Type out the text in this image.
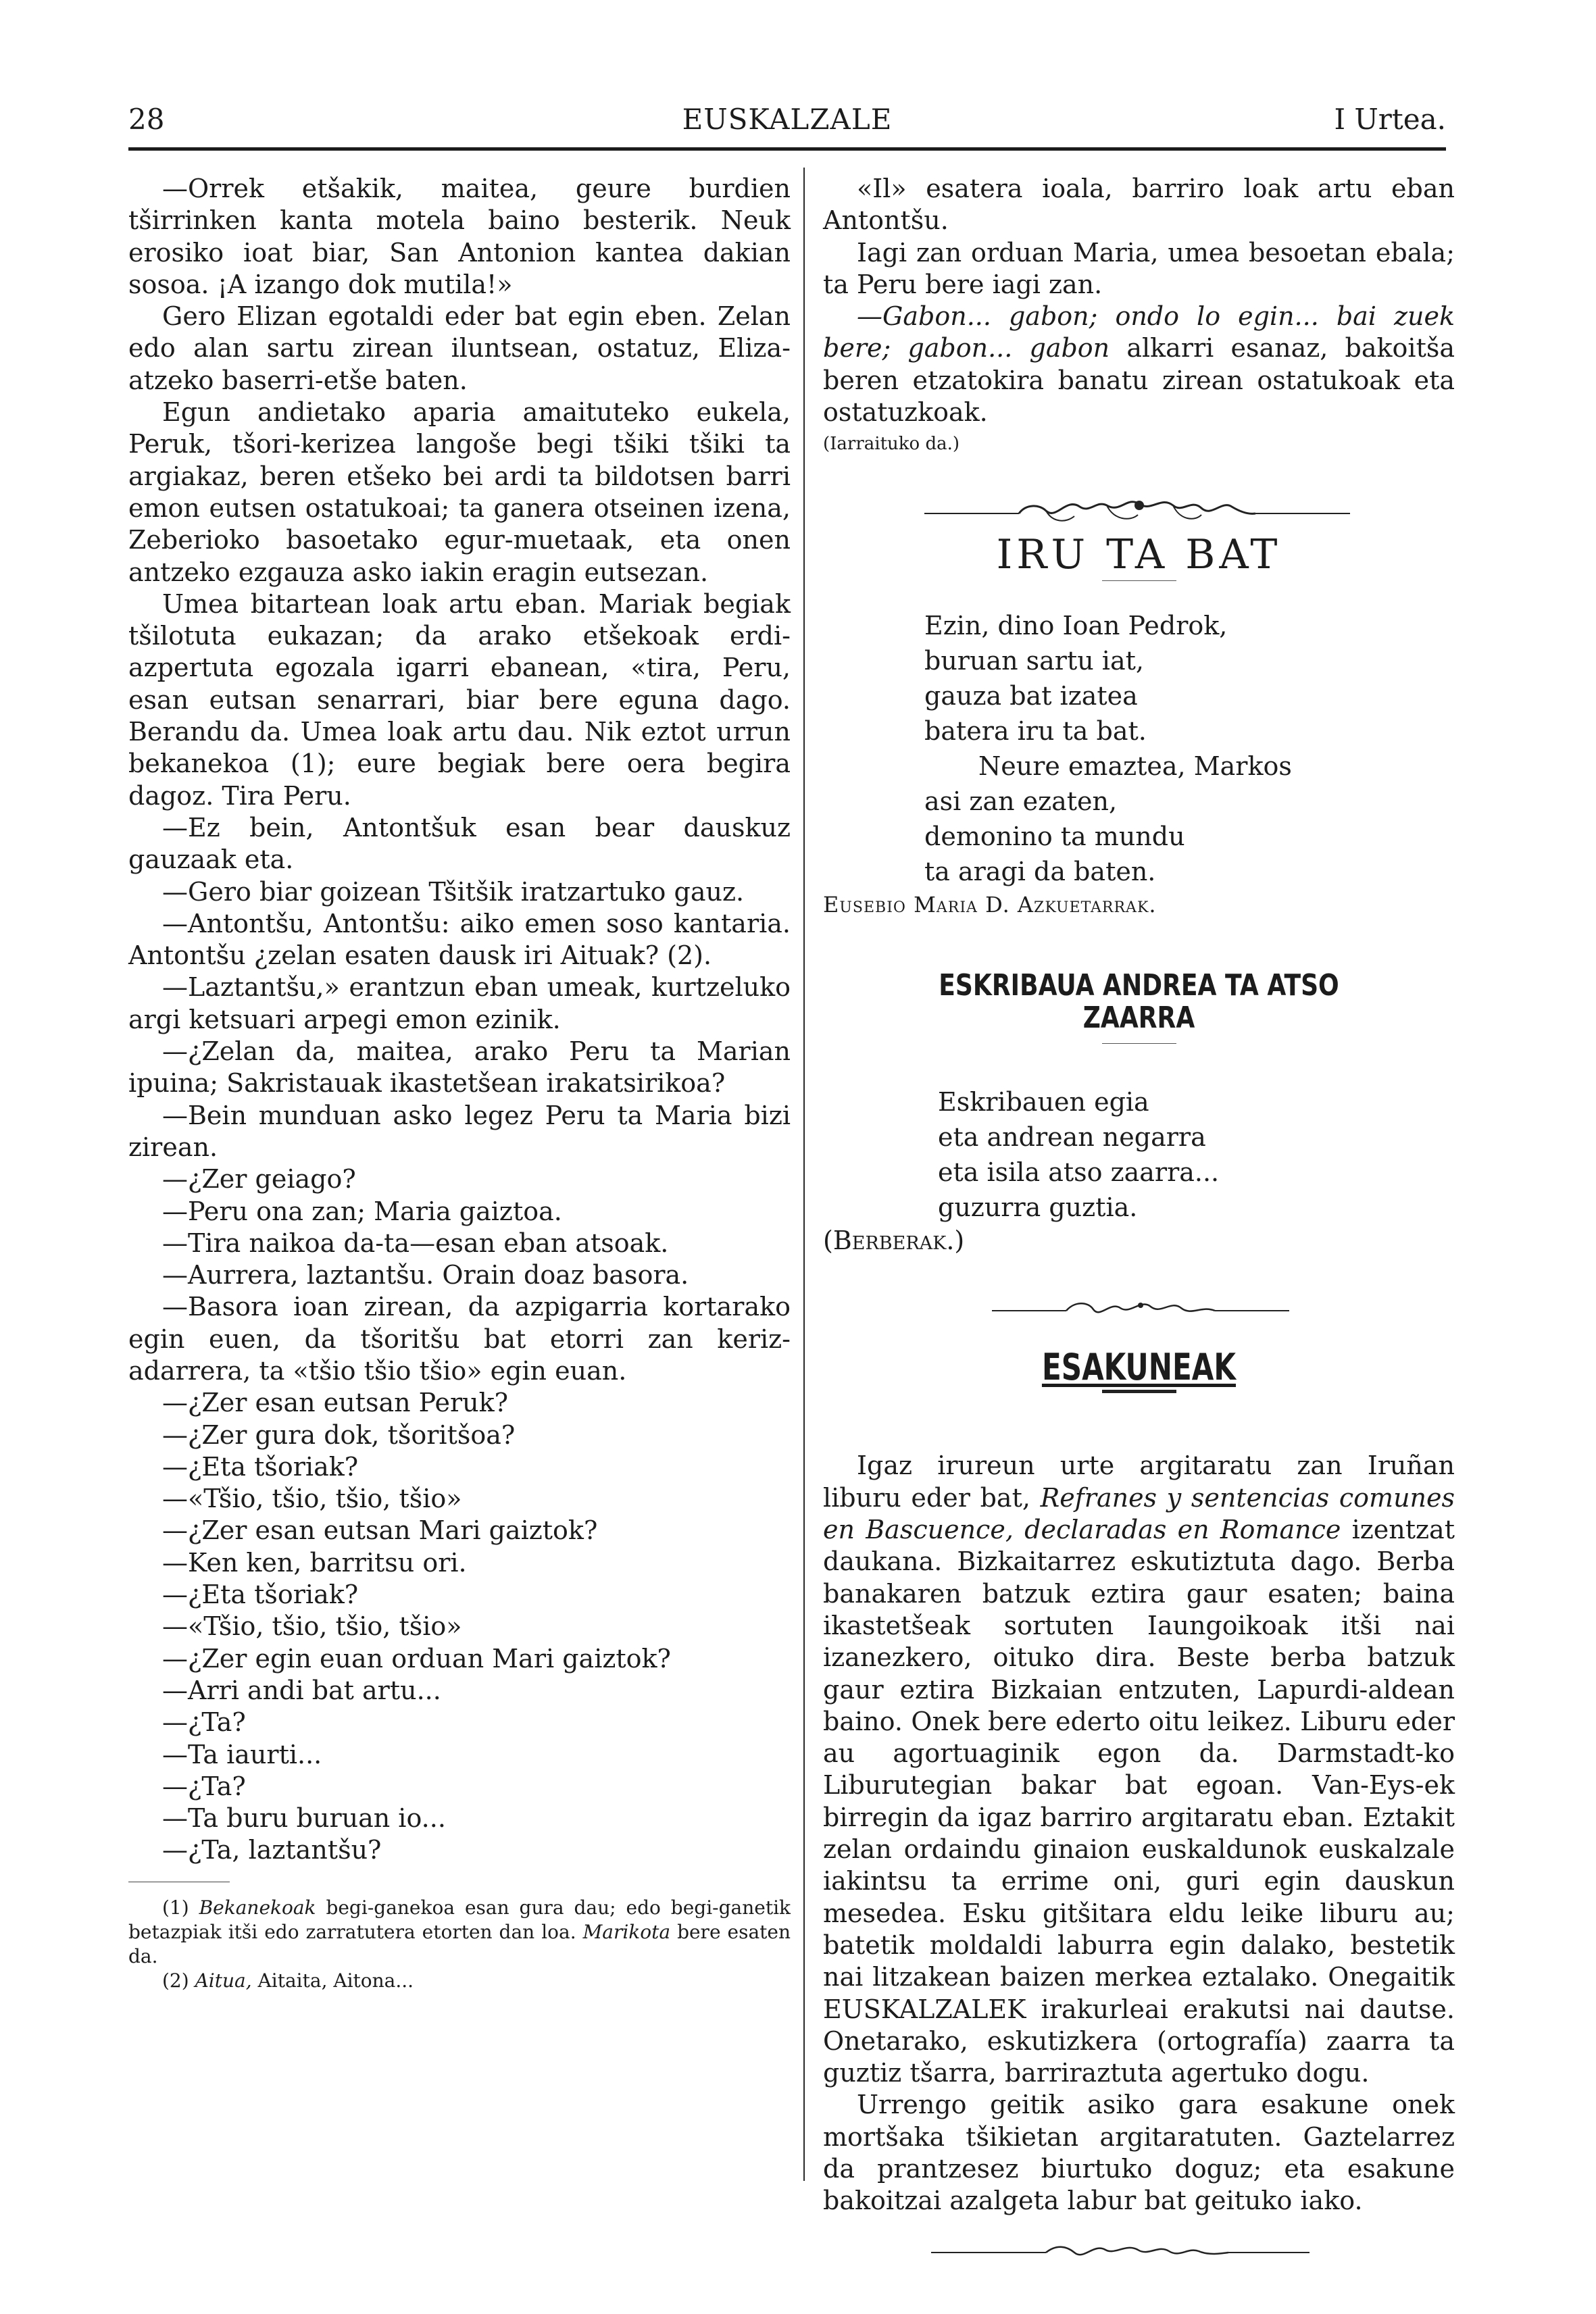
28	EUSKALZALE	I Urtea.

—Orrek etšakik, maitea, geure burdien tširrinken kanta motela baino besterik. Neuk erosiko ioat biar, San Antonion kantea dakian sosoa. ¡A izango dok mutila!»

Gero Elizan egotaldi eder bat egin eben. Zelan edo alan sartu zirean iluntsean, ostatuz, Eliza-atzeko baserri-etše baten.

Egun andietako aparia amaituteko eukela, Peruk, tšori-kerizea langoše begi tšiki tšiki ta argiakaz, beren etšeko bei ardi ta bildotsen barri emon eutsen ostatukoai; ta ganera otseinen izena, Zeberioko basoetako egur-muetaak, eta onen antzeko ezgauza asko iakin eragin eutsezan.

Umea bitartean loak artu eban. Mariak begiak tšilotuta eukazan; da arako etšekoak erdi-azpertuta egozala igarri ebanean, «tira, Peru, esan eutsan senarrari, biar bere eguna dago. Berandu da. Umea loak artu dau. Nik eztot urrun bekanekoa (1); eure begiak bere oera begira dagoz. Tira Peru.

—Ez bein, Antontšuk esan bear dauskuz gauzaak eta.

—Gero biar goizean Tšitšik iratzartuko gauz.

—Antontšu, Antontšu: aiko emen soso kantaria. Antontšu ¿zelan esaten dausk iri Aituak? (2).

—Laztantšu,» erantzun eban umeak, kurtzeluko argi ketsuari arpegi emon ezinik.

—¿Zelan da, maitea, arako Peru ta Marian ipuina; Sakristauak ikastetšean irakatsirikoa?

—Bein munduan asko legez Peru ta Maria bizi zirean.

—¿Zer geiago?

—Peru ona zan; Maria gaiztoa.

—Tira naikoa da-ta—esan eban atsoak.

—Aurrera, laztantšu. Orain doaz basora.

—Basora ioan zirean, da azpigarria kortarako egin euen, da tšoritšu bat etorri zan keriz-adarrera, ta «tšio tšio tšio» egin euan.

—¿Zer esan eutsan Peruk?

—¿Zer gura dok, tšoritšoa?

—¿Eta tšoriak?

—«Tšio, tšio, tšio, tšio»

—¿Zer esan eutsan Mari gaiztok?

—Ken ken, barritsu ori.

—¿Eta tšoriak?

—«Tšio, tšio, tšio, tšio»

—¿Zer egin euan orduan Mari gaiztok?

—Arri andi bat artu...

—¿Ta?

—Ta iaurti...

—¿Ta?

—Ta buru buruan io...

—¿Ta, laztantšu?

(1) Bekanekoak begi-ganekoa esan gura dau; edo begi-ganetik betazpiak itši edo zarratutera etorten dan loa. Marikota bere esaten da.

(2) Aitua, Aitaita, Aitona...

«Il» esatera ioala, barriro loak artu eban Antontšu.

Iagi zan orduan Maria, umea besoetan ebala; ta Peru bere iagi zan.

—Gabon... gabon; ondo lo egin... bai zuek bere; gabon... gabon alkarri esanaz, bakoitša beren etzatokira banatu zirean ostatukoak eta ostatuzkoak.

(Iarraituko da.)

IRU TA BAT

Ezin, dino Ioan Pedrok,

buruan sartu iat,

gauza bat izatea

batera iru ta bat.

Neure emaztea, Markos

asi zan ezaten,

demonino ta mundu

ta aragi da baten.

Eusebio Maria D. Azkuetarrak.

ESKRIBAUA ANDREA TA ATSO ZAARRA

Eskribauen egia

eta andrean negarra

eta isila atso zaarra...

guzurra guztia.

(Berberak.)

ESAKUNEAK

Igaz irureun urte argitaratu zan Iruñan liburu eder bat, Refranes y sentencias comunes en Bascuence, declaradas en Romance izentzat daukana. Bizkaitarrez eskutiztuta dago. Berba banakaren batzuk eztira gaur esaten; baina ikastetšeak sortuten Iaungoikoak itši nai izanezkero, oituko dira. Beste berba batzuk gaur eztira Bizkaian entzuten, Lapurdi-aldean baino. Onek bere ederto oitu leikez. Liburu eder au agortuaginik egon da. Darmstadt-ko Liburutegian bakar bat egoan. Van-Eys-ek birregin da igaz barriro argitaratu eban. Eztakit zelan ordaindu ginaion euskaldunok euskalzale iakintsu ta errime oni, guri egin dauskun mesedea. Esku gitšitara eldu leike liburu au; batetik moldaldi laburra egin dalako, bestetik nai litzakean baizen merkea eztalako. Onegaitik EUSKALZALEK irakurleai erakutsi nai dautse. Onetarako, eskutizkera (ortografía) zaarra ta guztiz tšarra, barriraztuta agertuko dogu.

Urrengo geitik asiko gara esakune onek mortšaka tšikietan argitaratuten. Gaztelarrez da prantzesez biurtuko doguz; eta esakune bakoitzai azalgeta labur bat geituko iako.
